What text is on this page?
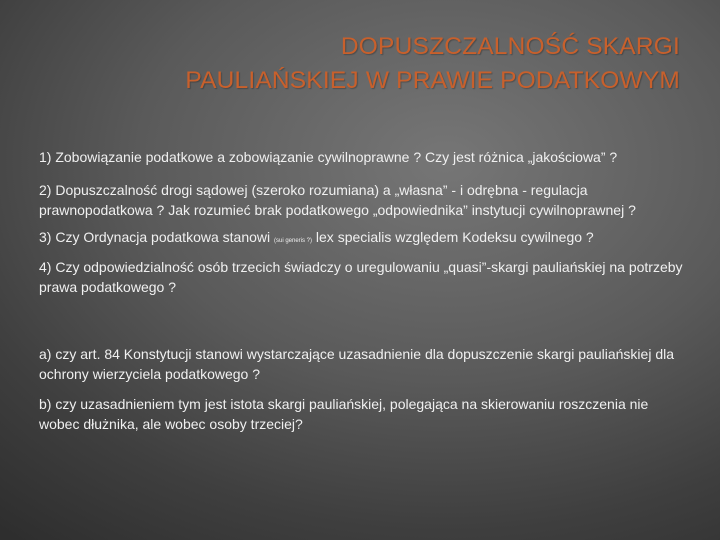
DOPUSZCZALNOŚĆ SKARGI
PAULIAŃSKIEJ W PRAWIE PODATKOWYM

1) Zobowiązanie podatkowe a zobowiązanie cywilnoprawne ? Czy jest różnica „jakościowa” ?

2) Dopuszczalność drogi sądowej (szeroko rozumiana) a „własna” - i odrębna - regulacja prawnopodatkowa ? Jak rozumieć brak podatkowego „odpowiednika” instytucji cywilnoprawnej ?

3) Czy Ordynacja podatkowa stanowi (sui generis ?) lex specialis względem Kodeksu cywilnego ?

4) Czy odpowiedzialność osób trzecich świadczy o uregulowaniu „quasi”-skargi pauliańskiej na potrzeby prawa podatkowego ?

a) czy art. 84 Konstytucji stanowi wystarczające uzasadnienie dla dopuszczenie skargi pauliańskiej dla ochrony wierzyciela podatkowego ?

b) czy uzasadnieniem tym jest istota skargi pauliańskiej, polegająca na skierowaniu roszczenia nie wobec dłużnika, ale wobec osoby trzeciej?
